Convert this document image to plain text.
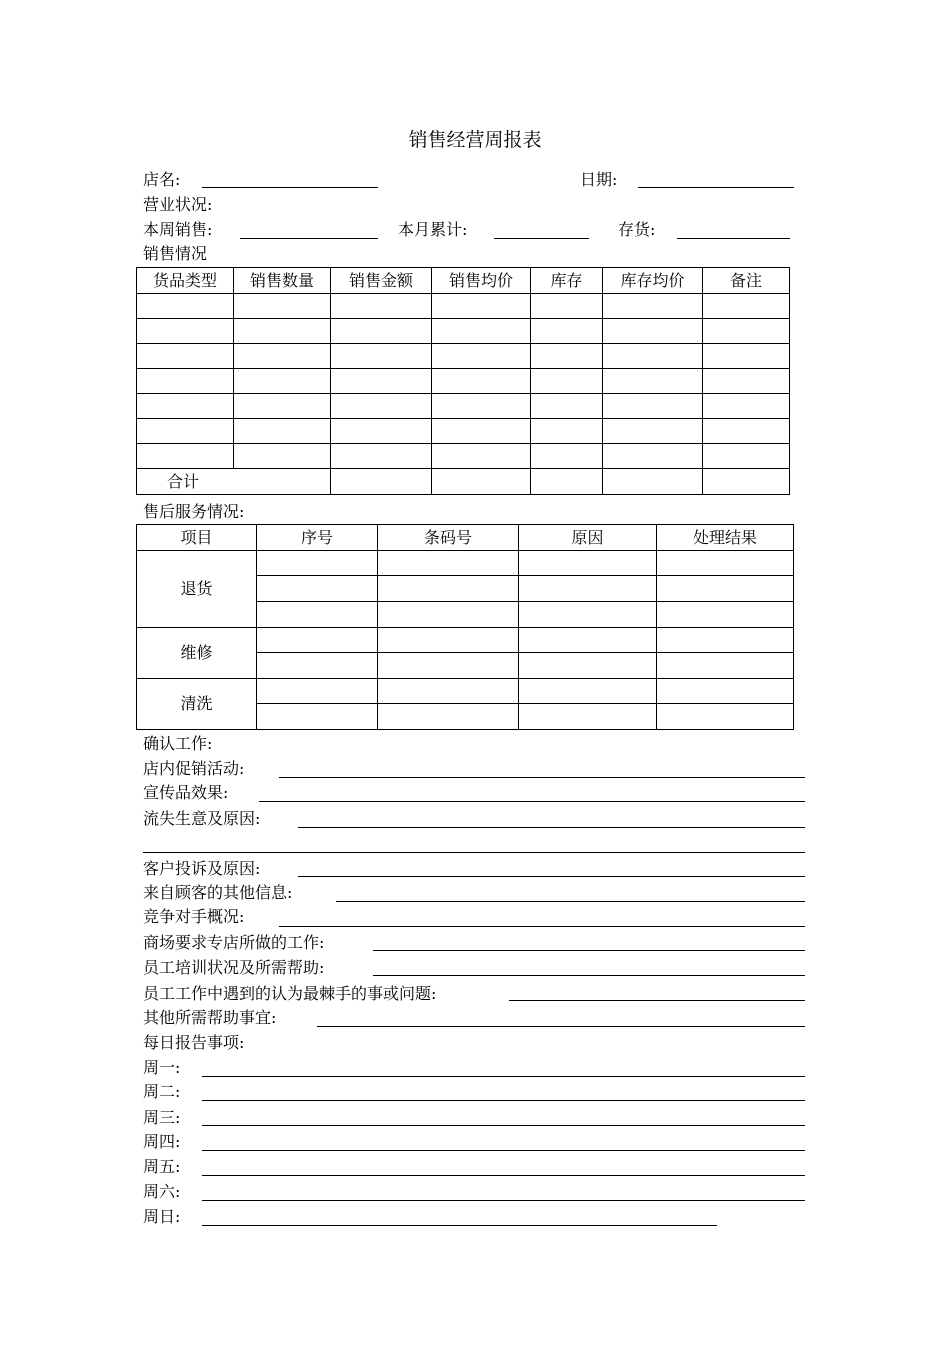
销售经营周报表
店名:	日期:
营业状况:
本周销售:	本月累计:	存货:
销售情况
货品类型	销售数量	销售金额	销售均价	库存	库存均价	备注

合计						
售后服务情况:
项目	序号	条码号	原因	处理结果
退货				

维修				

清洗				

确认工作:
店内促销活动:
宣传品效果:
流失生意及原因:
客户投诉及原因:
来自顾客的其他信息:
竞争对手概况:
商场要求专店所做的工作:
员工培训状况及所需帮助:
员工工作中遇到的认为最棘手的事或问题:
其他所需帮助事宜:
每日报告事项:
周一:
周二:
周三:
周四:
周五:
周六:
周日:
